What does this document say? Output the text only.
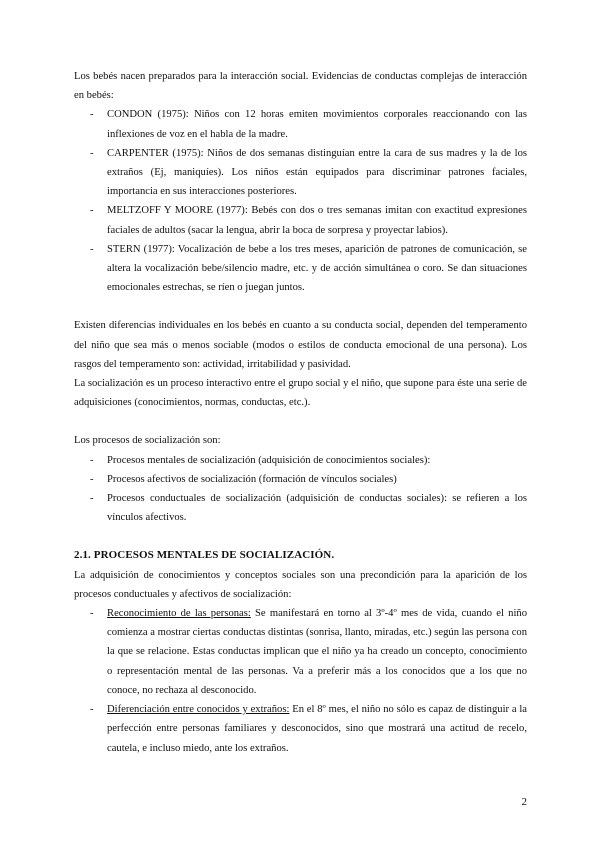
Los bebés nacen preparados para la interacción social. Evidencias de conductas complejas de interacción en bebés:

- CONDON (1975): Niños con 12 horas emiten movimientos corporales reaccionando con las inflexiones de voz en el habla de la madre.
- CARPENTER (1975): Niños de dos semanas distinguían entre la cara de sus madres y la de los extraños (Ej, maniquíes). Los niños están equipados para discriminar patrones faciales, importancia en sus interacciones posteriores.
- MELTZOFF Y MOORE (1977): Bebés con dos o tres semanas imitan con exactitud expresiones faciales de adultos (sacar la lengua, abrir la boca de sorpresa y proyectar labios).
- STERN (1977): Vocalización de bebe a los tres meses, aparición de patrones de comunicación, se altera la vocalización bebe/silencio madre, etc. y de acción simultánea o coro. Se dan situaciones emocionales estrechas, se ríen o juegan juntos.

Existen diferencias individuales en los bebés en cuanto a su conducta social, dependen del temperamento del niño que sea más o menos sociable (modos o estilos de conducta emocional de una persona). Los rasgos del temperamento son: actividad, irritabilidad y pasividad.

La socialización es un proceso interactivo entre el grupo social y el niño, que supone para éste una serie de adquisiciones (conocimientos, normas, conductas, etc.).

Los procesos de socialización son:

- Procesos mentales de socialización (adquisición de conocimientos sociales):
- Procesos afectivos de socialización (formación de vínculos sociales)
- Procesos conductuales de socialización (adquisición de conductas sociales): se refieren a los vínculos afectivos.
2.1. PROCESOS MENTALES DE SOCIALIZACIÓN.

La adquisición de conocimientos y conceptos sociales son una precondición para la aparición de los procesos conductuales y afectivos de socialización:

- Reconocimiento de las personas: Se manifestará en torno al 3º-4º mes de vida, cuando el niño comienza a mostrar ciertas conductas distintas (sonrisa, llanto, miradas, etc.) según las persona con la que se relacione. Estas conductas implican que el niño ya ha creado un concepto, conocimiento o representación mental de las personas. Va a preferir más a los conocidos que a los que no conoce, no rechaza al desconocido.
- Diferenciación entre conocidos y extraños: En el 8º mes, el niño no sólo es capaz de distinguir a la perfección entre personas familiares y desconocidos, sino que mostrará una actitud de recelo, cautela, e incluso miedo, ante los extraños.
2
